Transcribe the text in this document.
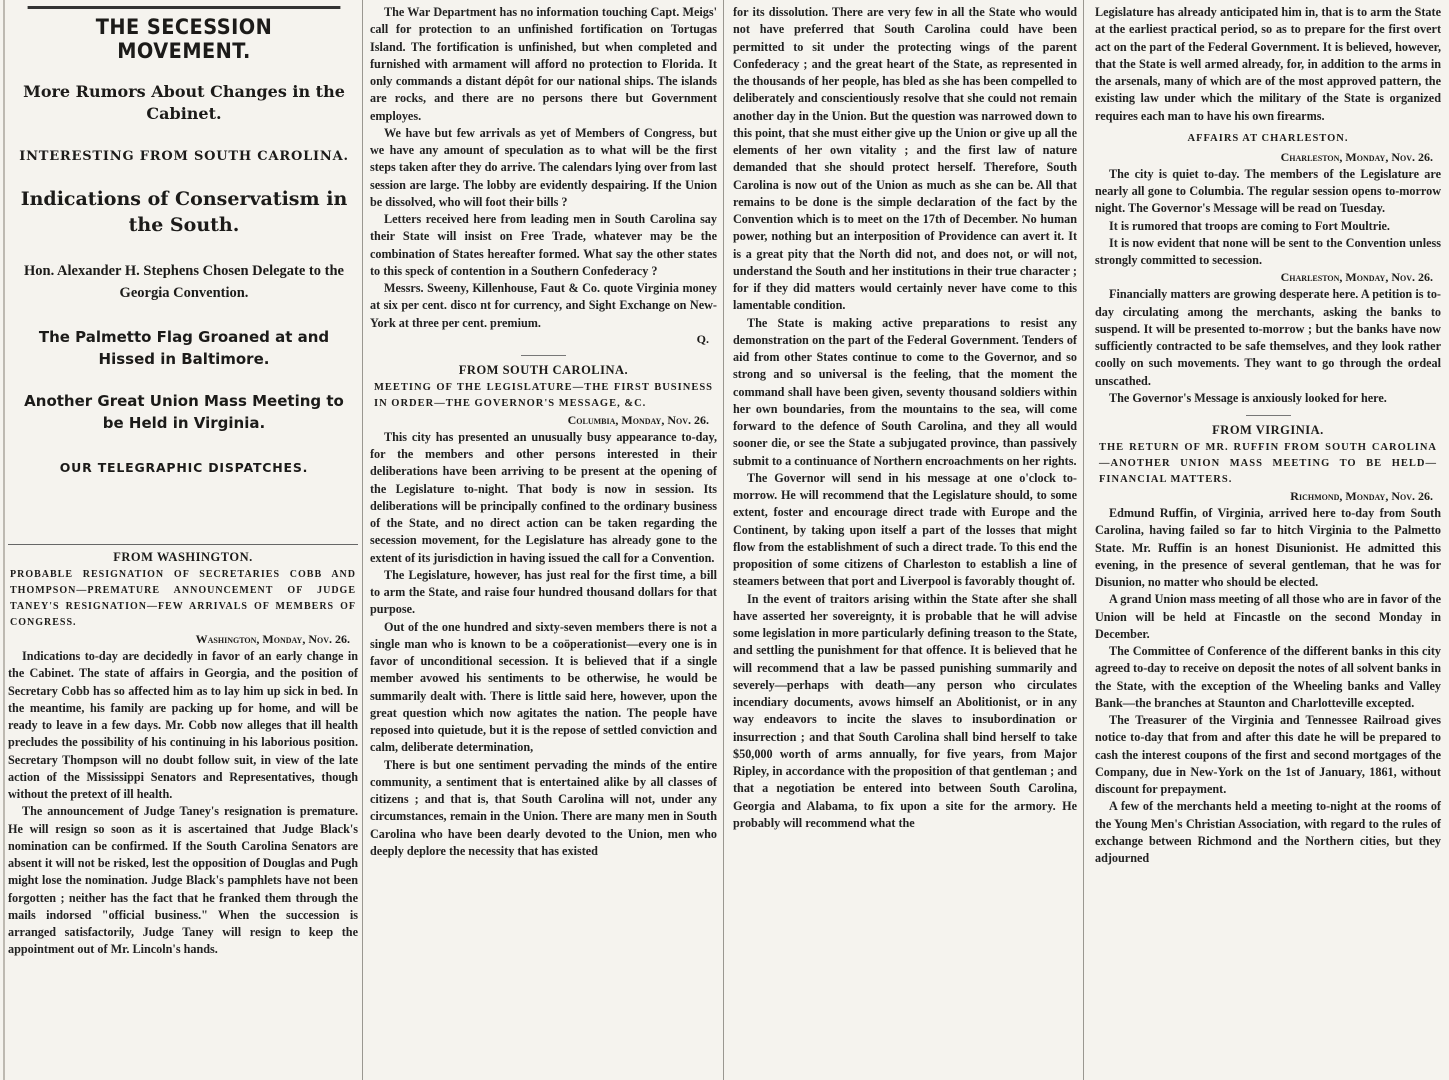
THE SECESSION MOVEMENT.
More Rumors About Changes in the Cabinet.
INTERESTING FROM SOUTH CAROLINA.
Indications of Conservatism in the South.
Hon. Alexander H. Stephens Chosen Delegate to the Georgia Convention.
The Palmetto Flag Groaned at and Hissed in Baltimore.
Another Great Union Mass Meeting to be Held in Virginia.
OUR TELEGRAPHIC DISPATCHES.
FROM WASHINGTON.
PROBABLE RESIGNATION OF SECRETARIES COBB AND THOMPSON—PREMATURE ANNOUNCEMENT OF JUDGE TANEY'S RESIGNATION—FEW ARRIVALS OF MEMBERS OF CONGRESS.
Washington, Monday, Nov. 26.

Indications to-day are decidedly in favor of an early change in the Cabinet. The state of affairs in Georgia, and the position of Secretary Cobb has so affected him as to lay him up sick in bed. In the meantime, his family are packing up for home, and will be ready to leave in a few days. Mr. Cobb now alleges that ill health precludes the possibility of his continuing in his laborious position. Secretary Thompson will no doubt follow suit, in view of the late action of the Mississippi Senators and Representatives, though without the pretext of ill health.

The announcement of Judge Taney's resignation is premature. He will resign so soon as it is ascertained that Judge Black's nomination can be confirmed. If the South Carolina Senators are absent it will not be risked, lest the opposition of Douglas and Pugh might lose the nomination. Judge Black's pamphlets have not been forgotten ; neither has the fact that he franked them through the mails indorsed "official business." When the succession is arranged satisfactorily, Judge Taney will resign to keep the appointment out of Mr. Lincoln's hands.

The War Department has no information touching Capt. Meigs' call for protection to an unfinished fortification on Tortugas Island. The fortification is unfinished, but when completed and furnished with armament will afford no protection to Florida. It only commands a distant dépôt for our national ships. The islands are rocks, and there are no persons there but Government employes.

We have but few arrivals as yet of Members of Congress, but we have any amount of speculation as to what will be the first steps taken after they do arrive. The calendars lying over from last session are large. The lobby are evidently despairing. If the Union be dissolved, who will foot their bills ?

Letters received here from leading men in South Carolina say their State will insist on Free Trade, whatever may be the combination of States hereafter formed. What say the other states to this speck of contention in a Southern Confederacy ?

Messrs. Sweeny, Killenhouse, Faut & Co. quote Virginia money at six per cent. disco nt for currency, and Sight Exchange on New-York at three per cent. premium.

Q.
FROM SOUTH CAROLINA.
MEETING OF THE LEGISLATURE—THE FIRST BUSINESS IN ORDER—THE GOVERNOR'S MESSAGE, &C.
Columbia, Monday, Nov. 26.

This city has presented an unusually busy appearance to-day, for the members and other persons interested in their deliberations have been arriving to be present at the opening of the Legislature to-night. That body is now in session. Its deliberations will be principally confined to the ordinary business of the State, and no direct action can be taken regarding the secession movement, for the Legislature has already gone to the extent of its jurisdiction in having issued the call for a Convention.

The Legislature, however, has just real for the first time, a bill to arm the State, and raise four hundred thousand dollars for that purpose.

Out of the one hundred and sixty-seven members there is not a single man who is known to be a coöperationist—every one is in favor of unconditional secession. It is believed that if a single member avowed his sentiments to be otherwise, he would be summarily dealt with. There is little said here, however, upon the great question which now agitates the nation. The people have reposed into quietude, but it is the repose of settled conviction and calm, deliberate determination,

There is but one sentiment pervading the minds of the entire community, a sentiment that is entertained alike by all classes of citizens ; and that is, that South Carolina will not, under any circumstances, remain in the Union. There are many men in South Carolina who have been dearly devoted to the Union, men who deeply deplore the necessity that has existed

for its dissolution. There are very few in all the State who would not have preferred that South Carolina could have been permitted to sit under the protecting wings of the parent Confederacy ; and the great heart of the State, as represented in the thousands of her people, has bled as she has been compelled to deliberately and conscientiously resolve that she could not remain another day in the Union. But the question was narrowed down to this point, that she must either give up the Union or give up all the elements of her own vitality ; and the first law of nature demanded that she should protect herself. Therefore, South Carolina is now out of the Union as much as she can be. All that remains to be done is the simple declaration of the fact by the Convention which is to meet on the 17th of December. No human power, nothing but an interposition of Providence can avert it. It is a great pity that the North did not, and does not, or will not, understand the South and her institutions in their true character ; for if they did matters would certainly never have come to this lamentable condition.

The State is making active preparations to resist any demonstration on the part of the Federal Government. Tenders of aid from other States continue to come to the Governor, and so strong and so universal is the feeling, that the moment the command shall have been given, seventy thousand soldiers within her own boundaries, from the mountains to the sea, will come forward to the defence of South Carolina, and they all would sooner die, or see the State a subjugated province, than passively submit to a continuance of Northern encroachments on her rights.

The Governor will send in his message at one o'clock to-morrow. He will recommend that the Legislature should, to some extent, foster and encourage direct trade with Europe and the Continent, by taking upon itself a part of the losses that might flow from the establishment of such a direct trade. To this end the proposition of some citizens of Charleston to establish a line of steamers between that port and Liverpool is favorably thought of.

In the event of traitors arising within the State after she shall have asserted her sovereignty, it is probable that he will advise some legislation in more particularly defining treason to the State, and settling the punishment for that offence. It is believed that he will recommend that a law be passed punishing summarily and severely—perhaps with death—any person who circulates incendiary documents, avows himself an Abolitionist, or in any way endeavors to incite the slaves to insubordination or insurrection ; and that South Carolina shall bind herself to take $50,000 worth of arms annually, for five years, from Major Ripley, in accordance with the proposition of that gentleman ; and that a negotiation be entered into between South Carolina, Georgia and Alabama, to fix upon a site for the armory. He probably will recommend what the

Legislature has already anticipated him in, that is to arm the State at the earliest practical period, so as to prepare for the first overt act on the part of the Federal Government. It is believed, however, that the State is well armed already, for, in addition to the arms in the arsenals, many of which are of the most approved pattern, the existing law under which the military of the State is organized requires each man to have his own firearms.

AFFAIRS AT CHARLESTON.
Charleston, Monday, Nov. 26.

The city is quiet to-day. The members of the Legislature are nearly all gone to Columbia. The regular session opens to-morrow night. The Governor's Message will be read on Tuesday.

It is rumored that troops are coming to Fort Moultrie.

It is now evident that none will be sent to the Convention unless strongly committed to secession.

Charleston, Monday, Nov. 26.

Financially matters are growing desperate here. A petition is to-day circulating among the merchants, asking the banks to suspend. It will be presented to-morrow ; but the banks have now sufficiently contracted to be safe themselves, and they look rather coolly on such movements. They want to go through the ordeal unscathed.

The Governor's Message is anxiously looked for here.

FROM VIRGINIA.
THE RETURN OF MR. RUFFIN FROM SOUTH CAROLINA—ANOTHER UNION MASS MEETING TO BE HELD—FINANCIAL MATTERS.
Richmond, Monday, Nov. 26.

Edmund Ruffin, of Virginia, arrived here to-day from South Carolina, having failed so far to hitch Virginia to the Palmetto State. Mr. Ruffin is an honest Disunionist. He admitted this evening, in the presence of several gentleman, that he was for Disunion, no matter who should be elected.

A grand Union mass meeting of all those who are in favor of the Union will be held at Fincastle on the second Monday in December.

The Committee of Conference of the different banks in this city agreed to-day to receive on deposit the notes of all solvent banks in the State, with the exception of the Wheeling banks and Valley Bank—the branches at Staunton and Charlotteville excepted.

The Treasurer of the Virginia and Tennessee Railroad gives notice to-day that from and after this date he will be prepared to cash the interest coupons of the first and second mortgages of the Company, due in New-York on the 1st of January, 1861, without discount for prepayment.

A few of the merchants held a meeting to-night at the rooms of the Young Men's Christian Association, with regard to the rules of exchange between Richmond and the Northern cities, but they adjourned
